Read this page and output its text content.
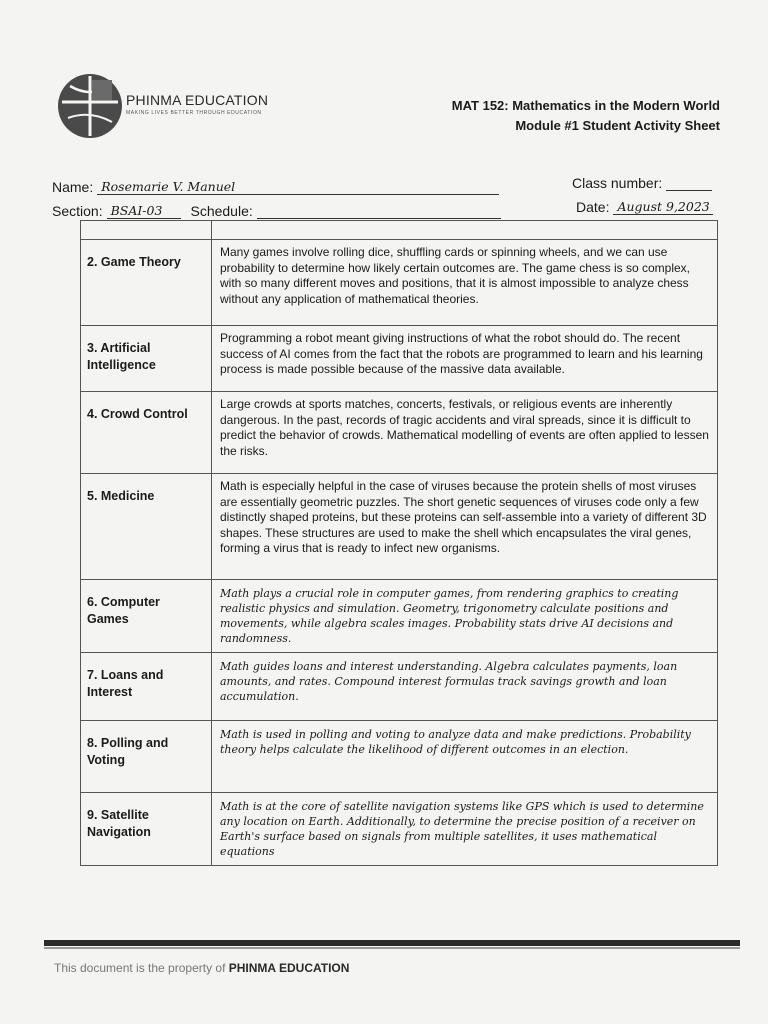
PHINMA EDUCATION
MAKING LIVES BETTER THROUGH EDUCATION	MAT 152: Mathematics in the Modern World
Module #1 Student Activity Sheet
Name: Rosemarie V. Manuel
Section: BSAI-03 Schedule:
Class number:
Date: August 9,2023

2. Game Theory	Many games involve rolling dice, shuffling cards or spinning wheels, and we can use probability to determine how likely certain outcomes are. The game chess is so complex, with so many different moves and positions, that it is almost impossible to analyze chess without any application of mathematical theories.
3. Artificial Intelligence	Programming a robot meant giving instructions of what the robot should do. The recent success of AI comes from the fact that the robots are programmed to learn and his learning process is made possible because of the massive data available.
4. Crowd Control	Large crowds at sports matches, concerts, festivals, or religious events are inherently dangerous. In the past, records of tragic accidents and viral spreads, since it is difficult to predict the behavior of crowds. Mathematical modelling of events are often applied to lessen the risks.
5. Medicine	Math is especially helpful in the case of viruses because the protein shells of most viruses are essentially geometric puzzles. The short genetic sequences of viruses code only a few distinctly shaped proteins, but these proteins can self-assemble into a variety of different 3D shapes. These structures are used to make the shell which encapsulates the viral genes, forming a virus that is ready to infect new organisms.
6. Computer Games	Math plays a crucial role in computer games, from rendering graphics to creating realistic physics and simulation. Geometry, trigonometry calculate positions and movements, while algebra scales images. Probability stats drive AI decisions and randomness.
7. Loans and Interest	Math guides loans and interest understanding. Algebra calculates payments, loan amounts, and rates. Compound interest formulas track savings growth and loan accumulation.
8. Polling and Voting	Math is used in polling and voting to analyze data and make predictions. Probability theory helps calculate the likelihood of different outcomes in an election.
9. Satellite Navigation	Math is at the core of satellite navigation systems like GPS which is used to determine any location on Earth. Additionally, to determine the precise position of a receiver on Earth's surface based on signals from multiple satellites, it uses mathematical equations
This document is the property of PHINMA EDUCATION
